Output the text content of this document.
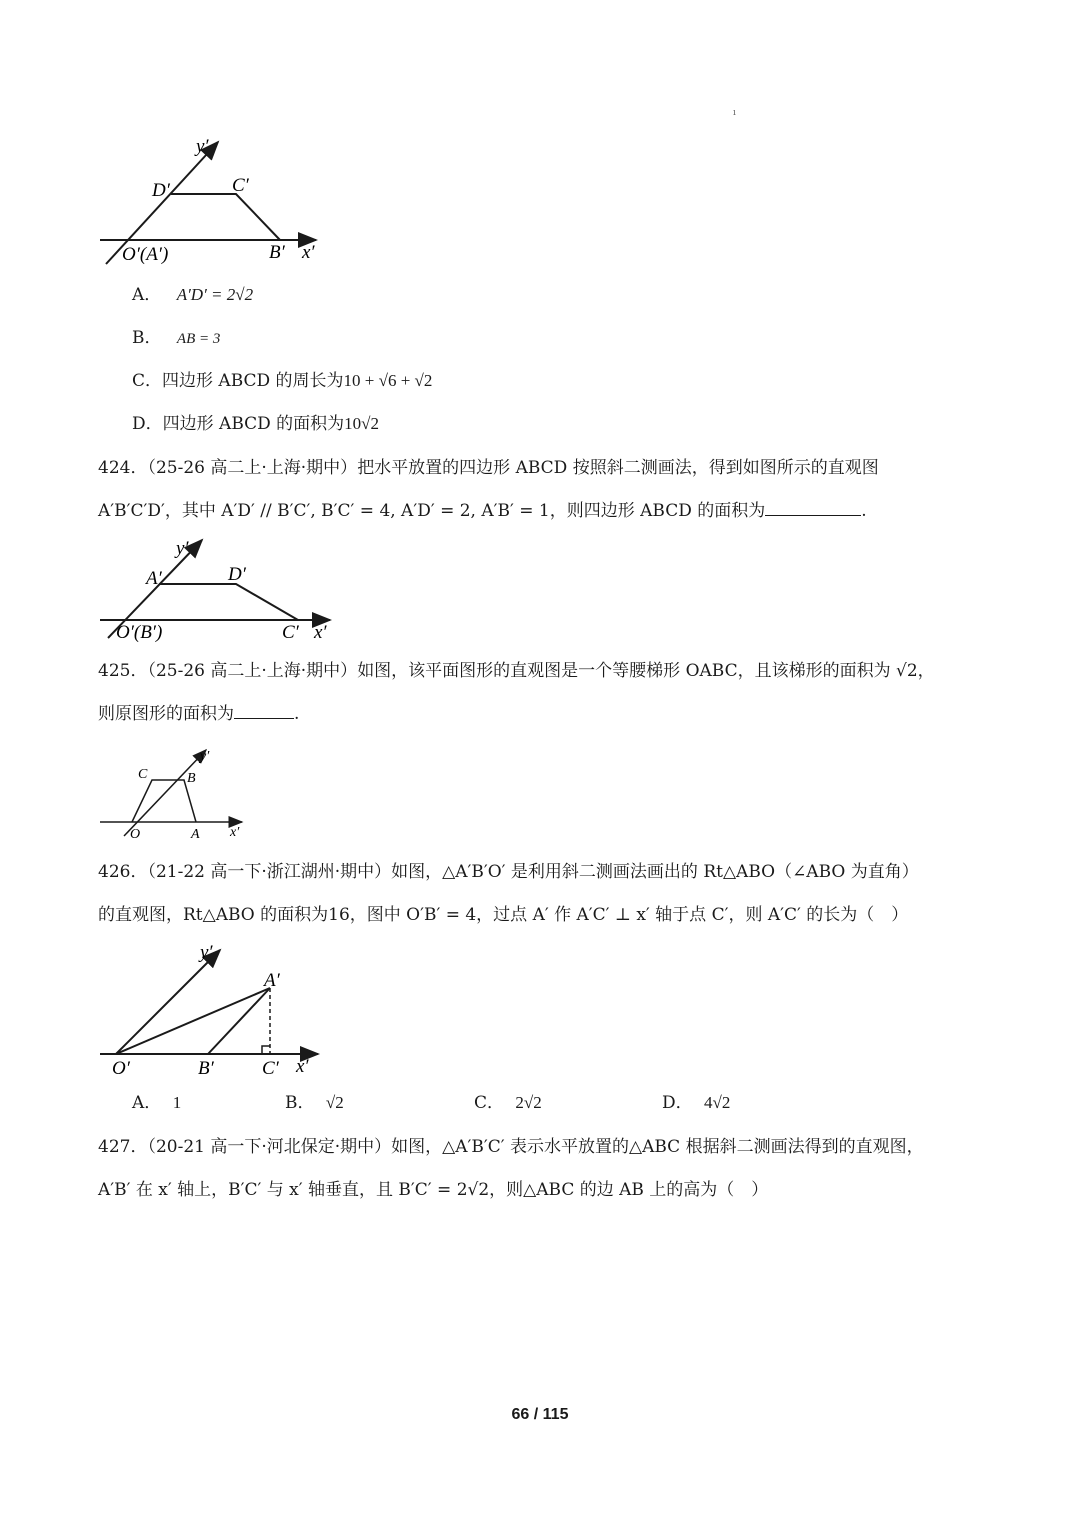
ı
y′
D′	C′
O′(A′)	B′ x′
A． A′D′ = 2√2
B． AB = 3
C．四边形 ABCD 的周长为10 + √6 + √2
D．四边形 ABCD 的面积为10√2
424．（25-26 高二上·上海·期中）把水平放置的四边形 ABCD 按照斜二测画法，得到如图所示的直观图
A′B′C′D′，其中 A′D′ // B′C′, B′C′ = 4, A′D′ = 2, A′B′ = 1，则四边形 ABCD 的面积为	.
y′
A′	D′
O′(B′)	C′ x′
425．（25-26 高二上·上海·期中）如图，该平面图形的直观图是一个等腰梯形 OABC，且该梯形的面积为 √2，
则原图形的面积为	.
y′
C	B
O	A x′
426．（21-22 高一下·浙江湖州·期中）如图，△A′B′O′ 是利用斜二测画法画出的 Rt△ABO（∠ABO 为直角）
的直观图，Rt△ABO 的面积为16，图中 O′B′ = 4，过点 A′ 作 A′C′ ⊥ x′ 轴于点 C′，则 A′C′ 的长为（　）
y′
A′
O′	B′	C′ x′
A． 1	B． √2	C． 2√2	D． 4√2
427．（20-21 高一下·河北保定·期中）如图，△A′B′C′ 表示水平放置的△ABC 根据斜二测画法得到的直观图，
A′B′ 在 x′ 轴上，B′C′ 与 x′ 轴垂直，且 B′C′ = 2√2，则△ABC 的边 AB 上的高为（　）
66 / 115
